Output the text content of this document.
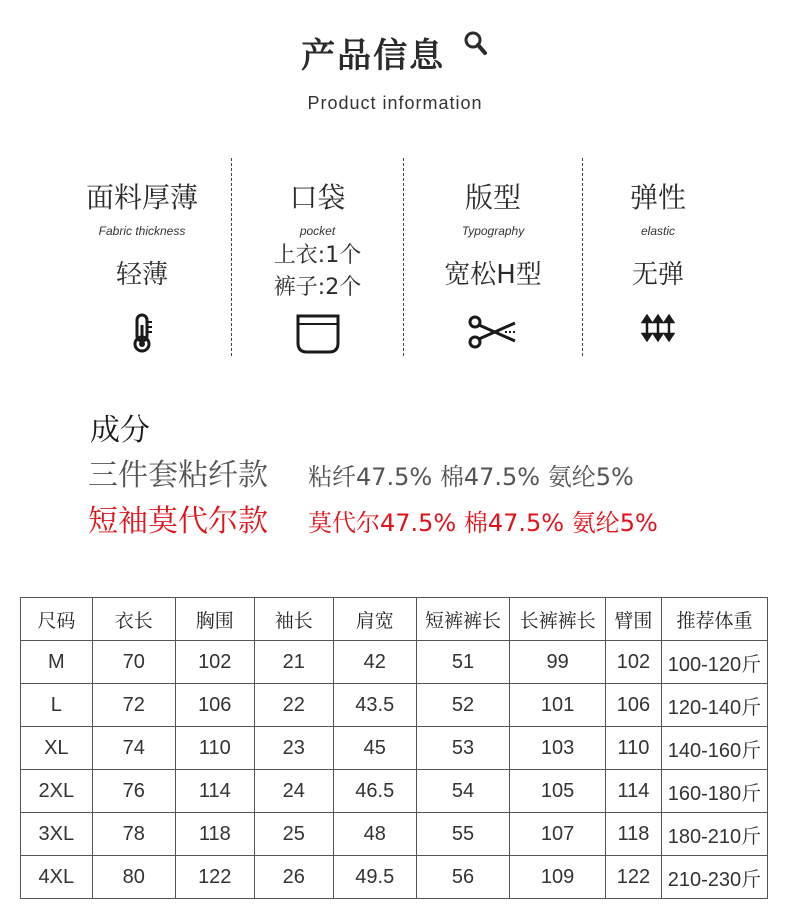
产品信息
Product information
面料厚薄
Fabric thickness
轻薄
口袋
pocket
上衣:1个
裤子:2个
版型
Typography
宽松H型
弹性
elastic
无弹
成分
三件套粘纤款 粘纤47.5% 棉47.5% 氨纶5%
短袖莫代尔款 莫代尔47.5% 棉47.5% 氨纶5%
尺码	衣长	胸围	袖长	肩宽	短裤裤长	长裤裤长	臂围	推荐体重
M	70	102	21	42	51	99	102	100-120斤
L	72	106	22	43.5	52	101	106	120-140斤
XL	74	110	23	45	53	103	110	140-160斤
2XL	76	114	24	46.5	54	105	114	160-180斤
3XL	78	118	25	48	55	107	118	180-210斤
4XL	80	122	26	49.5	56	109	122	210-230斤
